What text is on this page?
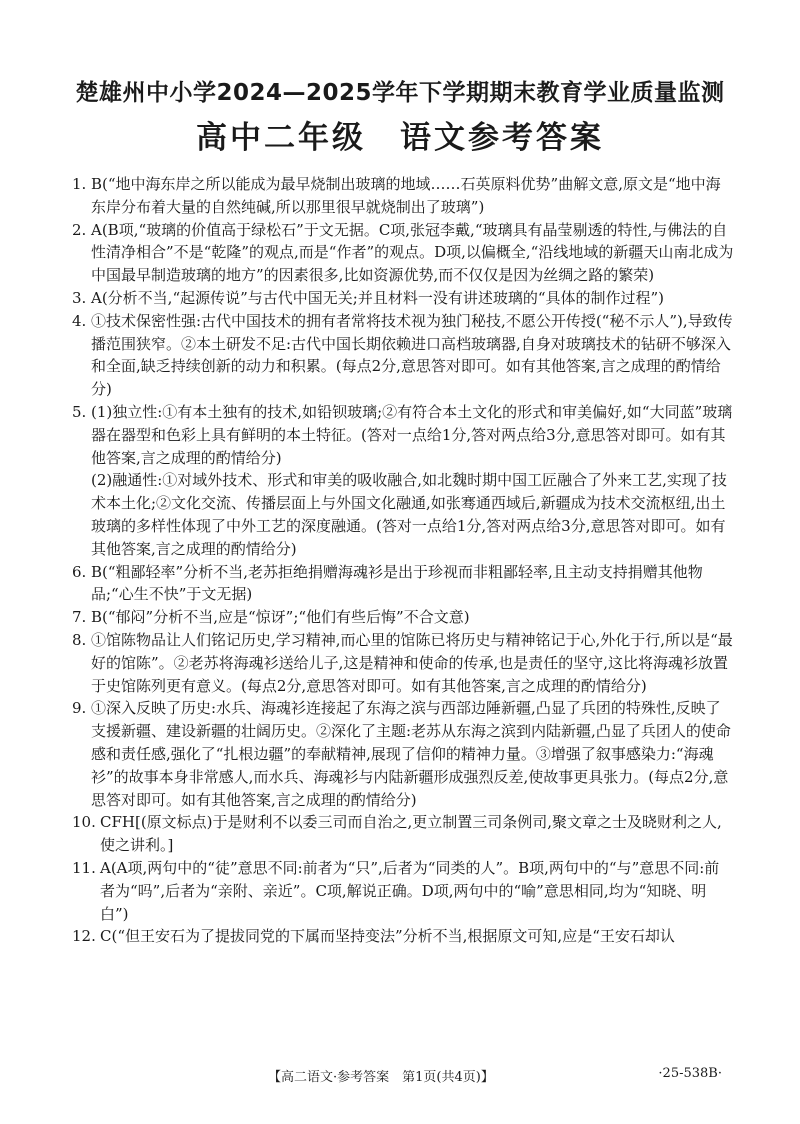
楚雄州中小学2024—2025学年下学期期末教育学业质量监测
高中二年级　语文参考答案
1. B(“地中海东岸之所以能成为最早烧制出玻璃的地域……石英原料优势”曲解文意,原文是“地中海东岸分布着大量的自然纯碱,所以那里很早就烧制出了玻璃”)

2. A(B项,“玻璃的价值高于绿松石”于文无据。C项,张冠李戴,“玻璃具有晶莹剔透的特性,与佛法的自性清净相合”不是“乾隆”的观点,而是“作者”的观点。D项,以偏概全,“沿线地域的新疆天山南北成为中国最早制造玻璃的地方”的因素很多,比如资源优势,而不仅仅是因为丝绸之路的繁荣)

3. A(分析不当,“起源传说”与古代中国无关;并且材料一没有讲述玻璃的“具体的制作过程”)

4. ①技术保密性强:古代中国技术的拥有者常将技术视为独门秘技,不愿公开传授(“秘不示人”),导致传播范围狭窄。②本土研发不足:古代中国长期依赖进口高档玻璃器,自身对玻璃技术的钻研不够深入和全面,缺乏持续创新的动力和积累。(每点2分,意思答对即可。如有其他答案,言之成理的酌情给分)

5. (1)独立性:①有本土独有的技术,如铅钡玻璃;②有符合本土文化的形式和审美偏好,如“大同蓝”玻璃器在器型和色彩上具有鲜明的本土特征。(答对一点给1分,答对两点给3分,意思答对即可。如有其他答案,言之成理的酌情给分)

(2)融通性:①对域外技术、形式和审美的吸收融合,如北魏时期中国工匠融合了外来工艺,实现了技术本土化;②文化交流、传播层面上与外国文化融通,如张骞通西域后,新疆成为技术交流枢纽,出土玻璃的多样性体现了中外工艺的深度融通。(答对一点给1分,答对两点给3分,意思答对即可。如有其他答案,言之成理的酌情给分)

6. B(“粗鄙轻率”分析不当,老苏拒绝捐赠海魂衫是出于珍视而非粗鄙轻率,且主动支持捐赠其他物品;“心生不快”于文无据)

7. B(“郁闷”分析不当,应是“惊讶”;“他们有些后悔”不合文意)

8. ①馆陈物品让人们铭记历史,学习精神,而心里的馆陈已将历史与精神铭记于心,外化于行,所以是“最好的馆陈”。②老苏将海魂衫送给儿子,这是精神和使命的传承,也是责任的坚守,这比将海魂衫放置于史馆陈列更有意义。(每点2分,意思答对即可。如有其他答案,言之成理的酌情给分)

9. ①深入反映了历史:水兵、海魂衫连接起了东海之滨与西部边陲新疆,凸显了兵团的特殊性,反映了支援新疆、建设新疆的壮阔历史。②深化了主题:老苏从东海之滨到内陆新疆,凸显了兵团人的使命感和责任感,强化了“扎根边疆”的奉献精神,展现了信仰的精神力量。③增强了叙事感染力:“海魂衫”的故事本身非常感人,而水兵、海魂衫与内陆新疆形成强烈反差,使故事更具张力。(每点2分,意思答对即可。如有其他答案,言之成理的酌情给分)

10. CFH[(原文标点)于是财利不以委三司而自治之,更立制置三司条例司,聚文章之士及晓财利之人,使之讲利。]

11. A(A项,两句中的“徒”意思不同:前者为“只”,后者为“同类的人”。B项,两句中的“与”意思不同:前者为“吗”,后者为“亲附、亲近”。C项,解说正确。D项,两句中的“喻”意思相同,均为“知晓、明白”)

12. C(“但王安石为了提拔同党的下属而坚持变法”分析不当,根据原文可知,应是“王安石却认

【高二语文·参考答案　第1页(共4页)】	·25-538B·
